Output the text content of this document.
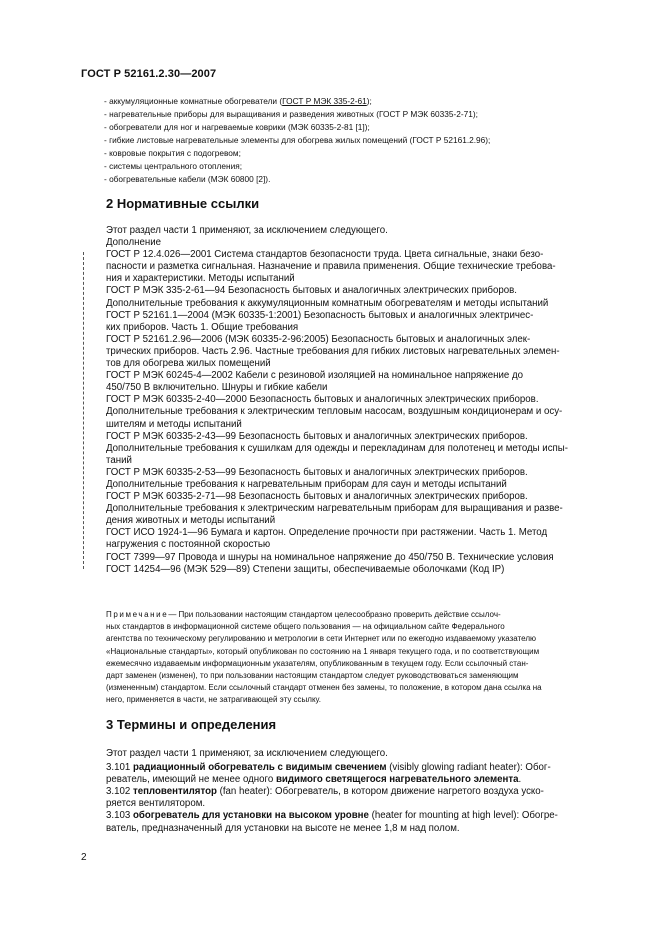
ГОСТ Р 52161.2.30—2007
- аккумуляционные комнатные обогреватели (ГОСТ Р МЭК 335-2-61);
- нагревательные приборы для выращивания и разведения животных (ГОСТ Р МЭК 60335-2-71);
- обогреватели для ног и нагреваемые коврики (МЭК 60335-2-81 [1]);
- гибкие листовые нагревательные элементы для обогрева жилых помещений (ГОСТ Р 52161.2.96);
- ковровые покрытия с подогревом;
- системы центрального отопления;
- обогревательные кабели (МЭК 60800 [2]).
2 Нормативные ссылки

Этот раздел части 1 применяют, за исключением следующего.

Дополнение

ГОСТ Р 12.4.026—2001 Система стандартов безопасности труда. Цвета сигнальные, знаки безо-

пасности и разметка сигнальная. Назначение и правила применения. Общие технические требова-

ния и характеристики. Методы испытаний

ГОСТ Р МЭК 335-2-61—94 Безопасность бытовых и аналогичных электрических приборов.

Дополнительные требования к аккумуляционным комнатным обогревателям и методы испытаний

ГОСТ Р 52161.1—2004 (МЭК 60335-1:2001) Безопасность бытовых и аналогичных электричес-

ких приборов. Часть 1. Общие требования

ГОСТ Р 52161.2.96—2006 (МЭК 60335-2-96:2005) Безопасность бытовых и аналогичных элек-

трических приборов. Часть 2.96. Частные требования для гибких листовых нагревательных элемен-

тов для обогрева жилых помещений

ГОСТ Р МЭК 60245-4—2002 Кабели с резиновой изоляцией на номинальное напряжение до

450/750 В включительно. Шнуры и гибкие кабели

ГОСТ Р МЭК 60335-2-40—2000 Безопасность бытовых и аналогичных электрических приборов.

Дополнительные требования к электрическим тепловым насосам, воздушным кондиционерам и осу-

шителям и методы испытаний

ГОСТ Р МЭК 60335-2-43—99 Безопасность бытовых и аналогичных электрических приборов.

Дополнительные требования к сушилкам для одежды и перекладинам для полотенец и методы испы-

таний

ГОСТ Р МЭК 60335-2-53—99 Безопасность бытовых и аналогичных электрических приборов.

Дополнительные требования к нагревательным приборам для саун и методы испытаний

ГОСТ Р МЭК 60335-2-71—98 Безопасность бытовых и аналогичных электрических приборов.

Дополнительные требования к электрическим нагревательным приборам для выращивания и разве-

дения животных и методы испытаний

ГОСТ ИСО 1924-1—96 Бумага и картон. Определение прочности при растяжении. Часть 1. Метод

нагружения с постоянной скоростью

ГОСТ 7399—97 Провода и шнуры на номинальное напряжение до 450/750 В. Технические условия

ГОСТ 14254—96 (МЭК 529—89) Степени защиты, обеспечиваемые оболочками (Код IP)

Примечание— При пользовании настоящим стандартом целесообразно проверить действие ссылоч-

ных стандартов в информационной системе общего пользования — на официальном сайте Федерального

агентства по техническому регулированию и метрологии в сети Интернет или по ежегодно издаваемому указателю

«Национальные стандарты», который опубликован по состоянию на 1 января текущего года, и по соответствующим

ежемесячно издаваемым информационным указателям, опубликованным в текущем году. Если ссылочный стан-

дарт заменен (изменен), то при пользовании настоящим стандартом следует руководствоваться заменяющим

(измененным) стандартом. Если ссылочный стандарт отменен без замены, то положение, в котором дана ссылка на

него, применяется в части, не затрагивающей эту ссылку.

3 Термины и определения

Этот раздел части 1 применяют, за исключением следующего.

3.101 радиационный обогреватель с видимым свечением (visibly glowing radiant heater): Обог-

реватель, имеющий не менее одного видимого светящегося нагревательного элемента.

3.102 тепловентилятор (fan heater): Обогреватель, в котором движение нагретого воздуха уско-

ряется вентилятором.

3.103 обогреватель для установки на высоком уровне (heater for mounting at high level): Обогре-

ватель, предназначенный для установки на высоте не менее 1,8 м над полом.

2
